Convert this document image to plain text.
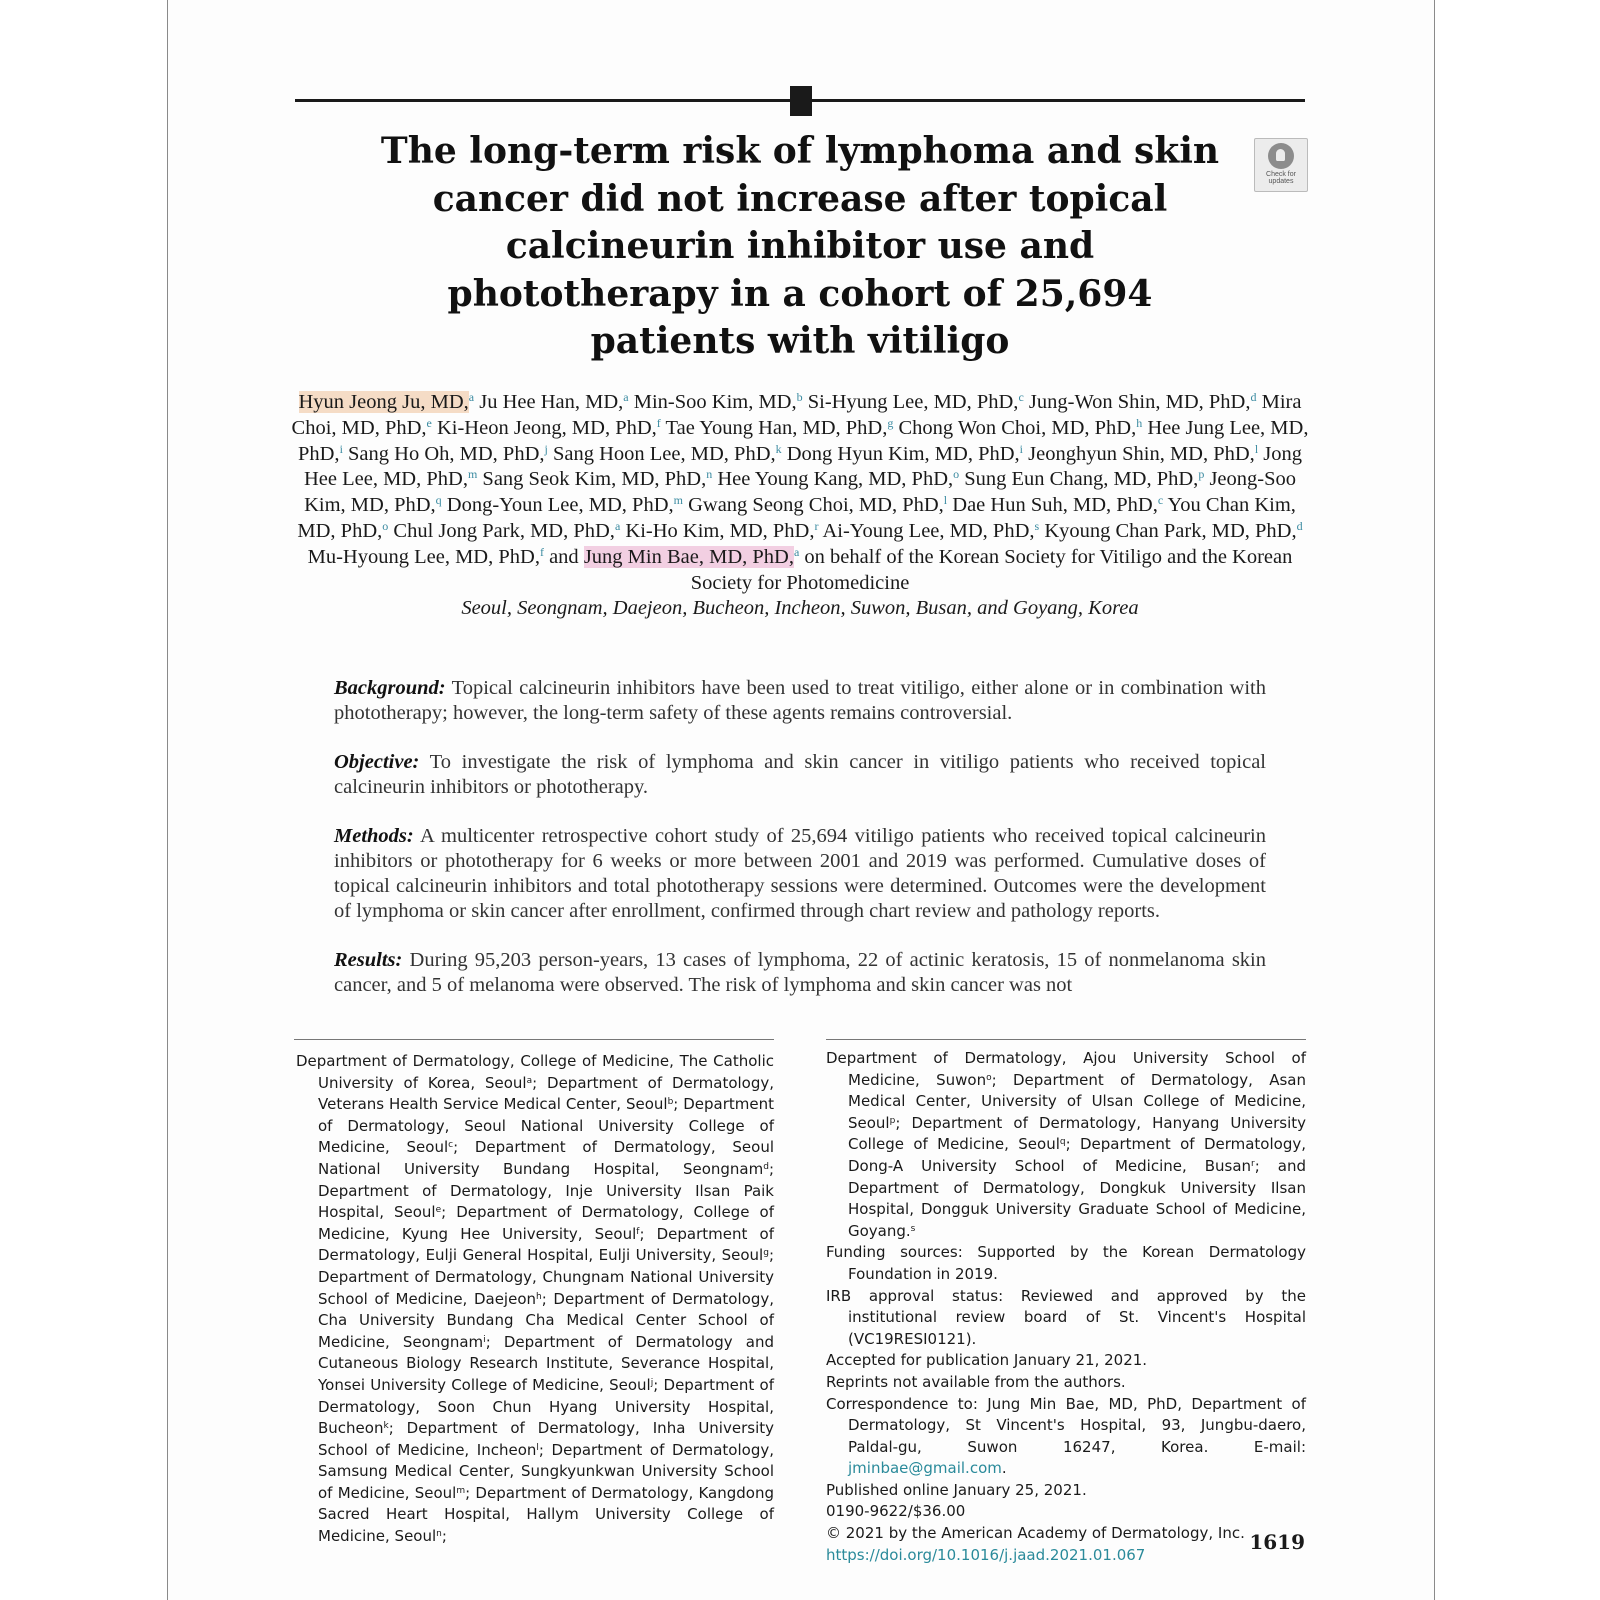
Check for updates
The long-term risk of lymphoma and skin cancer did not increase after topical calcineurin inhibitor use and phototherapy in a cohort of 25,694 patients with vitiligo
Hyun Jeong Ju, MD,$^a$ Ju Hee Han, MD,$^a$ Min-Soo Kim, MD,$^b$ Si-Hyung Lee, MD, PhD,$^c$ Jung-Won Shin, MD, PhD,$^d$ Mira Choi, MD, PhD,$^e$ Ki-Heon Jeong, MD, PhD,$^f$ Tae Young Han, MD, PhD,$^g$ Chong Won Choi, MD, PhD,$^h$ Hee Jung Lee, MD, PhD,$^i$ Sang Ho Oh, MD, PhD,$^j$ Sang Hoon Lee, MD, PhD,$^k$ Dong Hyun Kim, MD, PhD,$^i$ Jeonghyun Shin, MD, PhD,$^l$ Jong Hee Lee, MD, PhD,$^m$ Sang Seok Kim, MD, PhD,$^n$ Hee Young Kang, MD, PhD,$^o$ Sung Eun Chang, MD, PhD,$^p$ Jeong-Soo Kim, MD, PhD,$^q$ Dong-Youn Lee, MD, PhD,$^m$ Gwang Seong Choi, MD, PhD,$^l$ Dae Hun Suh, MD, PhD,$^c$ You Chan Kim, MD, PhD,$^o$ Chul Jong Park, MD, PhD,$^a$ Ki-Ho Kim, MD, PhD,$^r$ Ai-Young Lee, MD, PhD,$^s$ Kyoung Chan Park, MD, PhD,$^d$ Mu-Hyoung Lee, MD, PhD,$^f$ and Jung Min Bae, MD, PhD,$^a$ on behalf of the Korean Society for Vitiligo and the Korean Society for Photomedicine
Seoul, Seongnam, Daejeon, Bucheon, Incheon, Suwon, Busan, and Goyang, Korea

Background: Topical calcineurin inhibitors have been used to treat vitiligo, either alone or in combination with phototherapy; however, the long-term safety of these agents remains controversial.

Objective: To investigate the risk of lymphoma and skin cancer in vitiligo patients who received topical calcineurin inhibitors or phototherapy.

Methods: A multicenter retrospective cohort study of 25,694 vitiligo patients who received topical calcineurin inhibitors or phototherapy for 6 weeks or more between 2001 and 2019 was performed. Cumulative doses of topical calcineurin inhibitors and total phototherapy sessions were determined. Outcomes were the development of lymphoma or skin cancer after enrollment, confirmed through chart review and pathology reports.

Results: During 95,203 person-years, 13 cases of lymphoma, 22 of actinic keratosis, 15 of nonmelanoma skin cancer, and 5 of melanoma were observed. The risk of lymphoma and skin cancer was not

Department of Dermatology, College of Medicine, The Catholic University of Korea, Seoul$^a$; Department of Dermatology, Veterans Health Service Medical Center, Seoul$^b$; Department of Dermatology, Seoul National University College of Medicine, Seoul$^c$; Department of Dermatology, Seoul National University Bundang Hospital, Seongnam$^d$; Department of Dermatology, Inje University Ilsan Paik Hospital, Seoul$^e$; Department of Dermatology, College of Medicine, Kyung Hee University, Seoul$^f$; Department of Dermatology, Eulji General Hospital, Eulji University, Seoul$^g$; Department of Dermatology, Chungnam National University School of Medicine, Daejeon$^h$; Department of Dermatology, Cha University Bundang Cha Medical Center School of Medicine, Seongnam$^i$; Department of Dermatology and Cutaneous Biology Research Institute, Severance Hospital, Yonsei University College of Medicine, Seoul$^j$; Department of Dermatology, Soon Chun Hyang University Hospital, Bucheon$^k$; Department of Dermatology, Inha University School of Medicine, Incheon$^l$; Department of Dermatology, Samsung Medical Center, Sungkyunkwan University School of Medicine, Seoul$^m$; Department of Dermatology, Kangdong Sacred Heart Hospital, Hallym University College of Medicine, Seoul$^n$;

Department of Dermatology, Ajou University School of Medicine, Suwon$^o$; Department of Dermatology, Asan Medical Center, University of Ulsan College of Medicine, Seoul$^p$; Department of Dermatology, Hanyang University College of Medicine, Seoul$^q$; Department of Dermatology, Dong-A University School of Medicine, Busan$^r$; and Department of Dermatology, Dongkuk University Ilsan Hospital, Dongguk University Graduate School of Medicine, Goyang.$^s$

Funding sources: Supported by the Korean Dermatology Foundation in 2019.

IRB approval status: Reviewed and approved by the institutional review board of St. Vincent's Hospital (VC19RESI0121).

Accepted for publication January 21, 2021.

Reprints not available from the authors.

Correspondence to: Jung Min Bae, MD, PhD, Department of Dermatology, St Vincent's Hospital, 93, Jungbu-daero, Paldal-gu, Suwon 16247, Korea. E-mail: jminbae@gmail.com.

Published online January 25, 2021.

0190-9622/$36.00

© 2021 by the American Academy of Dermatology, Inc.

https://doi.org/10.1016/j.jaad.2021.01.067

1619
